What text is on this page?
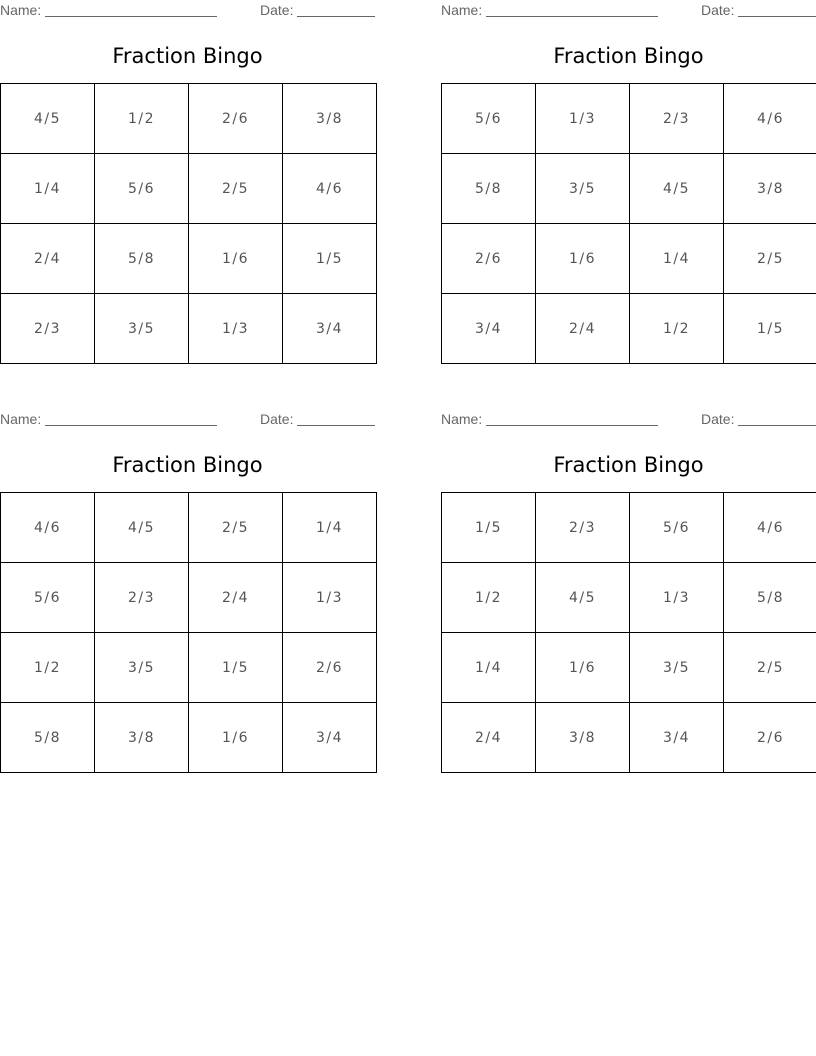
Name:	Date:
Fraction Bingo
4/5	1/2	2/6	3/8
1/4	5/6	2/5	4/6
2/4	5/8	1/6	1/5
2/3	3/5	1/3	3/4
Name:	Date:
Fraction Bingo
5/6	1/3	2/3	4/6
5/8	3/5	4/5	3/8
2/6	1/6	1/4	2/5
3/4	2/4	1/2	1/5
Name:	Date:
Fraction Bingo
4/6	4/5	2/5	1/4
5/6	2/3	2/4	1/3
1/2	3/5	1/5	2/6
5/8	3/8	1/6	3/4
Name:	Date:
Fraction Bingo
1/5	2/3	5/6	4/6
1/2	4/5	1/3	5/8
1/4	1/6	3/5	2/5
2/4	3/8	3/4	2/6
